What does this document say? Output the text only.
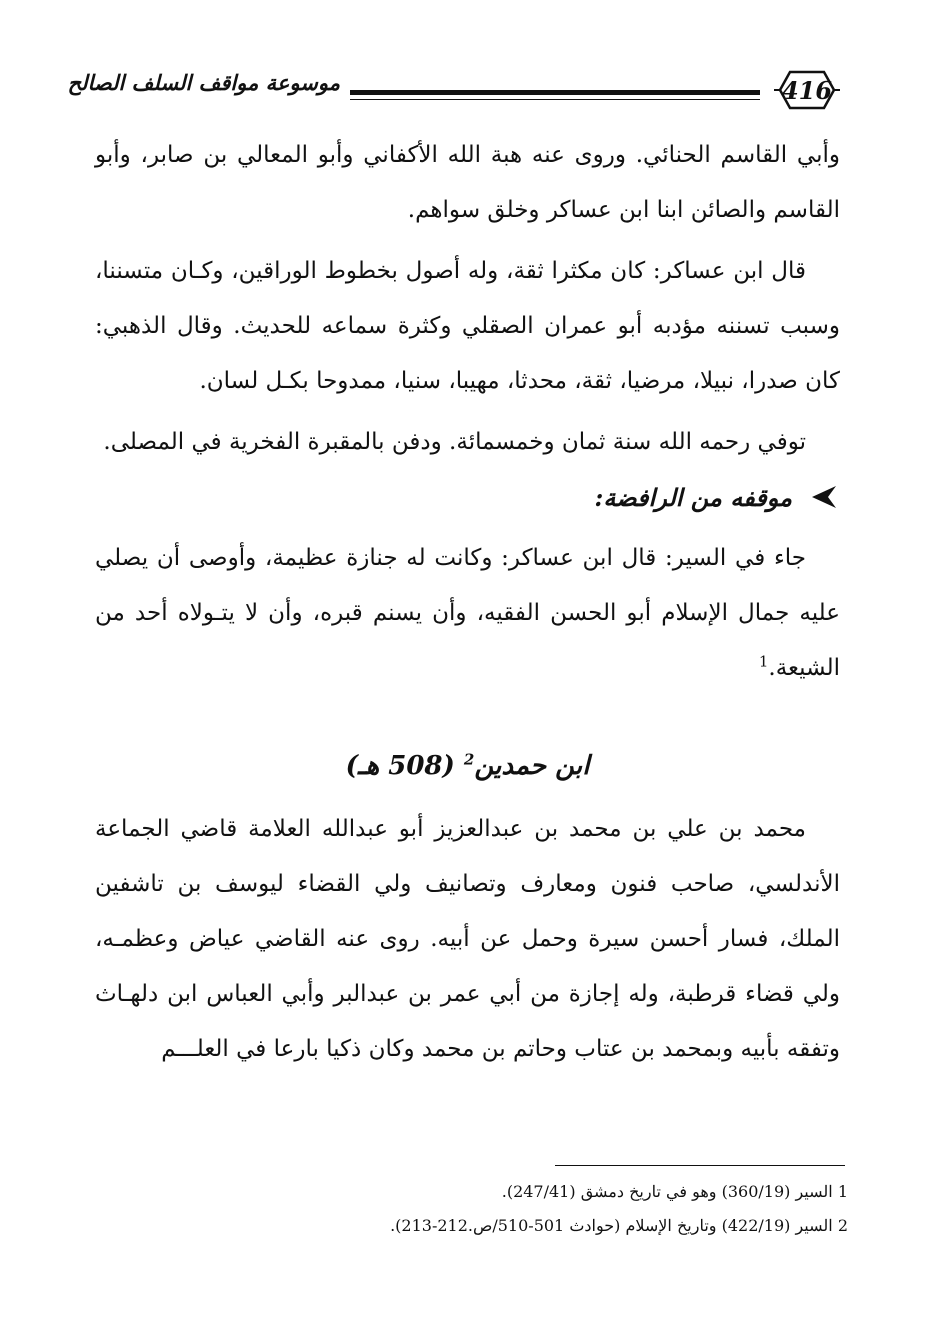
موسوعة مواقف السلف الصالح	416

وأبي القاسم الحنائي. وروى عنه هبة الله الأكفاني وأبو المعالي بن صابر، وأبو القاسم والصائن ابنا ابن عساكر وخلق سواهم.

قال ابن عساكر: كان مكثرا ثقة، وله أصول بخطوط الوراقين، وكـان متسننا، وسبب تسننه مؤدبه أبو عمران الصقلي وكثرة سماعه للحديث. وقال الذهبي: كان صدرا، نبيلا، مرضيا، ثقة، محدثا، مهيبا، سنيا، ممدوحا بكـل لسان.

توفي رحمه الله سنة ثمان وخمسمائة. ودفن بالمقبرة الفخرية في المصلى.

موقفه من الرافضة:

جاء في السير: قال ابن عساكر: وكانت له جنازة عظيمة، وأوصى أن يصلي عليه جمال الإسلام أبو الحسن الفقيه، وأن يسنم قبره، وأن لا يتـولاه أحد من الشيعة.$^1$

ابن حمدين$^2$ (508 هـ)

محمد بن علي بن محمد بن عبدالعزيز أبو عبدالله العلامة قاضي الجماعة الأندلسي، صاحب فنون ومعارف وتصانيف ولي القضاء ليوسف بن تاشفين الملك، فسار أحسن سيرة وحمل عن أبيه. روى عنه القاضي عياض وعظمـه، ولي قضاء قرطبة، وله إجازة من أبي عمر بن عبدالبر وأبي العباس ابن دلهـاث وتفقه بأبيه وبمحمد بن عتاب وحاتم بن محمد وكان ذكيا بارعا في العلـــم

1 السير (360/19) وهو في تاريخ دمشق (247/41).

2 السير (422/19) وتاريخ الإسلام (حوادث 501-510/ص.212-213).
